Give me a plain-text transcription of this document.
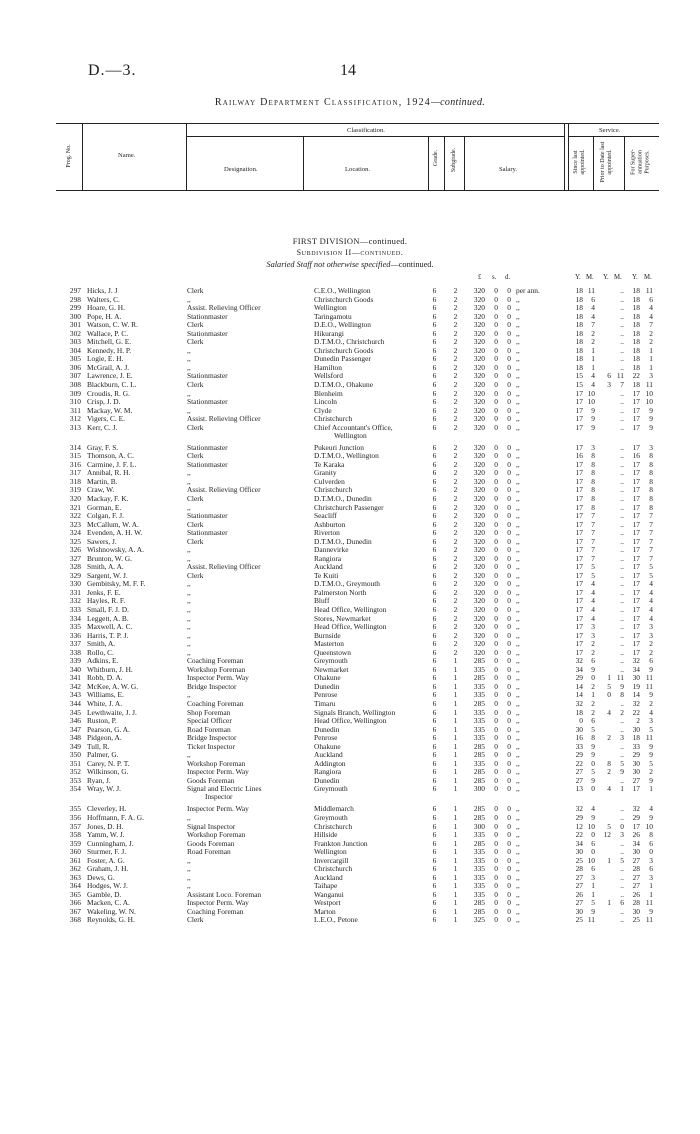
D.—3.	14
Railway Department Classification, 1924—continued.
Prog. No.	Name.
Classification.
Designation.	Location.
Grade. Subgrade.	Salary.
Service.
Since last appointed. Prior to Date last appointed.	For Super-annuation Purposes.
FIRST DIVISION—continued.
Subdivision II—continued.
Salaried Staff not otherwise specified—continued.
£ s. d.	Y. M. Y. M. Y. M.
297 Hicks, J. J	Clerk	C.E.O., Wellington	6	2	320	0	0 per ann.	18 11	..	18 11
298 Walters, C.	,,	Christchurch Goods	6	2	320	0	0 ,,	18	6	..	18	6
299 Hoare, G. H.	Assist. Relieving Officer	Wellington	6	2	320	0	0 ,,	18	4	..	18	4
300 Pope, H. A.	Stationmaster	Taringamotu	6	2	320	0	0 ,,	18	4	..	18	4
301 Watson, C. W. R.	Clerk	D.E.O., Wellington	6	2	320	0	0 ,,	18	7	..	18	7
302 Wallace, P. C.	Stationmaster	Hikurangi	6	2	320	0	0 ,,	18	2	..	18	2
303 Mitchell, G. E.	Clerk	D.T.M.O., Christchurch	6	2	320	0	0 ,,	18	2	..	18	2
304 Kennedy, H. P.	,,	Christchurch Goods	6	2	320	0	0 ,,	18	1	..	18	1
305 Logie, E. H.	,,	Dunedin Passenger	6	2	320	0	0 ,,	18	1	..	18	1
306 McGrail, A. J.	,,	Hamilton	6	2	320	0	0 ,,	18	1	..	18	1
307 Lawrence, J. E.	Stationmaster	Wellsford	6	2	320	0	0 ,,	15	4	6 11	22	3
308 Blackburn, C. L.	Clerk	D.T.M.O., Ohakune	6	2	320	0	0 ,,	15	4	3	7	18 11
309 Croudis, R. G.	,,	Blenheim	6	2	320	0	0 ,,	17 10	..	17 10
310 Crisp, J. D.	Stationmaster	Lincoln	6	2	320	0	0 ,,	17 10	..	17 10
311 Mackay, W. M.	,,	Clyde	6	2	320	0	0 ,,	17	9	..	17	9
312 Vigers, C. E.	Assist. Relieving Officer	Christchurch	6	2	320	0	0 ,,	17	9	..	17	9
313 Kerr, C. J.	Clerk	Chief Accountant's Office,	6	2	320	0	0 ,,	17	9	..	17	9
Wellington
314 Gray, F. S.	Stationmaster	Pukeuri Junction	6	2	320	0	0 ,,	17	3	..	17	3
315 Thomson, A. C.	Clerk	D.T.M.O., Wellington	6	2	320	0	0 ,,	16	8	..	16	8
316 Carmine, J. F. L.	Stationmaster	Te Karaka	6	2	320	0	0 ,,	17	8	..	17	8
317 Annibal, R. H.	,,	Granity	6	2	320	0	0 ,,	17	8	..	17	8
318 Martin, B.	,,	Culverden	6	2	320	0	0 ,,	17	8	..	17	8
319 Craw, W.	Assist. Relieving Officer	Christchurch	6	2	320	0	0 ,,	17	8	..	17	8
320 Mackay, F. K.	Clerk	D.T.M.O., Dunedin	6	2	320	0	0 ,,	17	8	..	17	8
321 Gorman, E.	,,	Christchurch Passenger	6	2	320	0	0 ,,	17	8	..	17	8
322 Colgan, F. J.	Stationmaster	Seacliff	6	2	320	0	0 ,,	17	7	..	17	7
323 McCallum, W. A.	Clerk	Ashburton	6	2	320	0	0 ,,	17	7	..	17	7
324 Evenden, A. H. W.	Stationmaster	Riverton	6	2	320	0	0 ,,	17	7	..	17	7
325 Sawers, J.	Clerk	D.T.M.O., Dunedin	6	2	320	0	0 ,,	17	7	..	17	7
326 Wishnowsky, A. A.	,,	Dannevirke	6	2	320	0	0 ,,	17	7	..	17	7
327 Brunton, W. G.	,,	Rangiora	6	2	320	0	0 ,,	17	7	..	17	7
328 Smith, A. A.	Assist. Relieving Officer	Auckland	6	2	320	0	0 ,,	17	5	..	17	5
329 Sargent, W. J.	Clerk	Te Kuiti	6	2	320	0	0 ,,	17	5	..	17	5
330 Gembitsky, M. F. F.	,,	D.T.M.O., Greymouth	6	2	320	0	0 ,,	17	4	..	17	4
331 Jenks, F. E.	,,	Palmerston North	6	2	320	0	0 ,,	17	4	..	17	4
332 Hayles, R. F.	,,	Bluff	6	2	320	0	0 ,,	17	4	..	17	4
333 Small, F. J. D.	,,	Head Office, Wellington	6	2	320	0	0 ,,	17	4	..	17	4
334 Leggett, A. B.	,,	Stores, Newmarket	6	2	320	0	0 ,,	17	4	..	17	4
335 Maxwell, A. C.	,,	Head Office, Wellington	6	2	320	0	0 ,,	17	3	..	17	3
336 Harris, T. P. J.	,,	Burnside	6	2	320	0	0 ,,	17	3	..	17	3
337 Smith, A.	,,	Masterton	6	2	320	0	0 ,,	17	2	..	17	2
338 Rollo, C.	,,	Queenstown	6	2	320	0	0 ,,	17	2	..	17	2
339 Adkins, E.	Coaching Foreman	Greymouth	6	1	285	0	0 ,,	32	6	..	32	6
340 Whitburn, J. H.	Workshop Foreman	Newmarket	6	1	335	0	0 ,,	34	9	..	34	9
341 Robb, D. A.	Inspector Perm. Way	Ohakune	6	1	285	0	0 ,,	29	0	1 11	30 11
342 McKee, A. W. G.	Bridge Inspector	Dunedin	6	1	335	0	0 ,,	14	2	5	9	19 11
343 Williams, E.	,,	Penrose	6	1	335	0	0 ,,	14	1	0	8	14	9
344 White, J. A.	Coaching Foreman	Timaru	6	1	285	0	0 ,,	32	2	..	32	2
345 Lewthwaite, J. J.	Shop Foreman	Signals Branch, Wellington	6	1	335	0	0 ,,	18	2	4	2	22	4
346 Ruston, P.	Special Officer	Head Office, Wellington	6	1	335	0	0 ,,	0	6	..	2	3
347 Pearson, G. A.	Road Foreman	Dunedin	6	1	335	0	0 ,,	30	5	..	30	5
348 Pidgeon, A.	Bridge Inspector	Penrose	6	1	335	0	0 ,,	16	8	2	3	18 11
349 Tull, R.	Ticket Inspector	Ohakune	6	1	285	0	0 ,,	33	9	..	33	9
350 Palmer, G.	,,	Auckland	6	1	285	0	0 ,,	29	9	..	29	9
351 Carey, N. P. T.	Workshop Foreman	Addington	6	1	335	0	0 ,,	22	0	8	5	30	5
352 Wilkinson, G.	Inspector Perm. Way	Rangiora	6	1	285	0	0 ,,	27	5	2	9	30	2
353 Ryan, J.	Goods Foreman	Dunedin	6	1	285	0	0 ,,	27	9	..	27	9
354 Wray, W. J.	Signal and Electric Lines	Greymouth	6	1	300	0	0 ,,	13	0	4	1	17	1
Inspector
355 Cleverley, H.	Inspector Perm. Way	Middlemarch	6	1	285	0	0 ,,	32	4	..	32	4
356 Hoffmann, F. A. G.	,,	Greymouth	6	1	285	0	0 ,,	29	9	..	29	9
357 Jones, D. H.	Signal Inspector	Christchurch	6	1	300	0	0 ,,	12 10	5	0	17 10
358 Yamm, W. J.	Workshop Foreman	Hillside	6	1	335	0	0 ,,	22	0	12	3	26	8
359 Cunningham, J.	Goods Foreman	Frankton Junction	6	1	285	0	0 ,,	34	6	..	34	6
360 Sturmer, F. J.	Road Foreman	Wellington	6	1	335	0	0 ,,	30	0	..	30	0
361 Foster, A. G.	,,	Invercargill	6	1	335	0	0 ,,	25 10	1	5	27	3
362 Graham, J. H.	,,	Christchurch	6	1	335	0	0 ,,	28	6	..	28	6
363 Dews, G.	,,	Auckland	6	1	335	0	0 ,,	27	3	..	27	3
364 Hodges, W. J.	,,	Taihape	6	1	335	0	0 ,,	27	1	..	27	1
365 Gamble, D.	Assistant Loco. Foreman	Wanganui	6	1	335	0	0 ,,	26	1	..	26	1
366 Macken, C. A.	Inspector Perm. Way	Westport	6	1	285	0	0 ,,	27	5	1	6	28 11
367 Wakeling, W. N.	Coaching Foreman	Marton	6	1	285	0	0 ,,	30	9	..	30	9
368 Reynolds, G. H.	Clerk	L.E.O., Petone	6	1	325	0	0 ,,	25 11	..	25 11
